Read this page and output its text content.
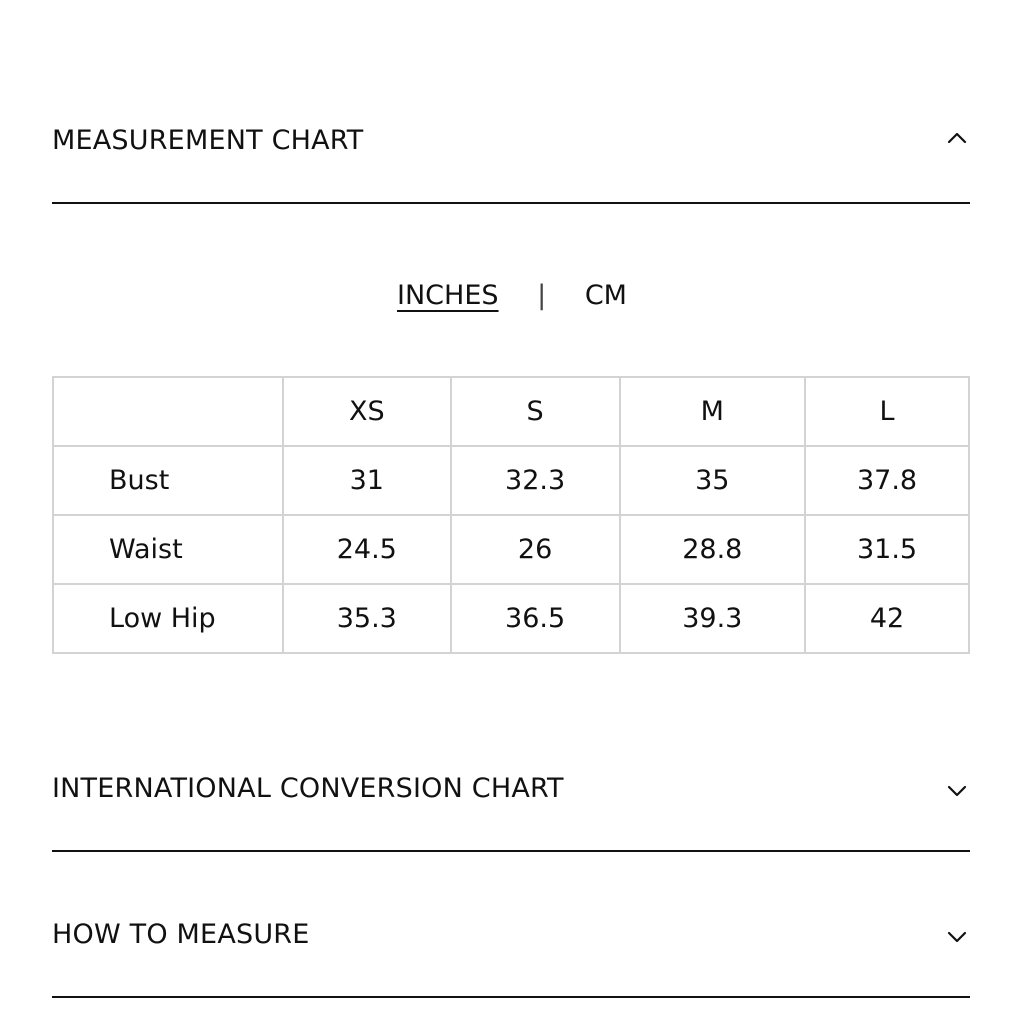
MEASUREMENT CHART
INCHES | CM
	XS	S	M	L
Bust	31	32.3	35	37.8
Waist	24.5	26	28.8	31.5
Low Hip	35.3	36.5	39.3	42
INTERNATIONAL CONVERSION CHART
HOW TO MEASURE
